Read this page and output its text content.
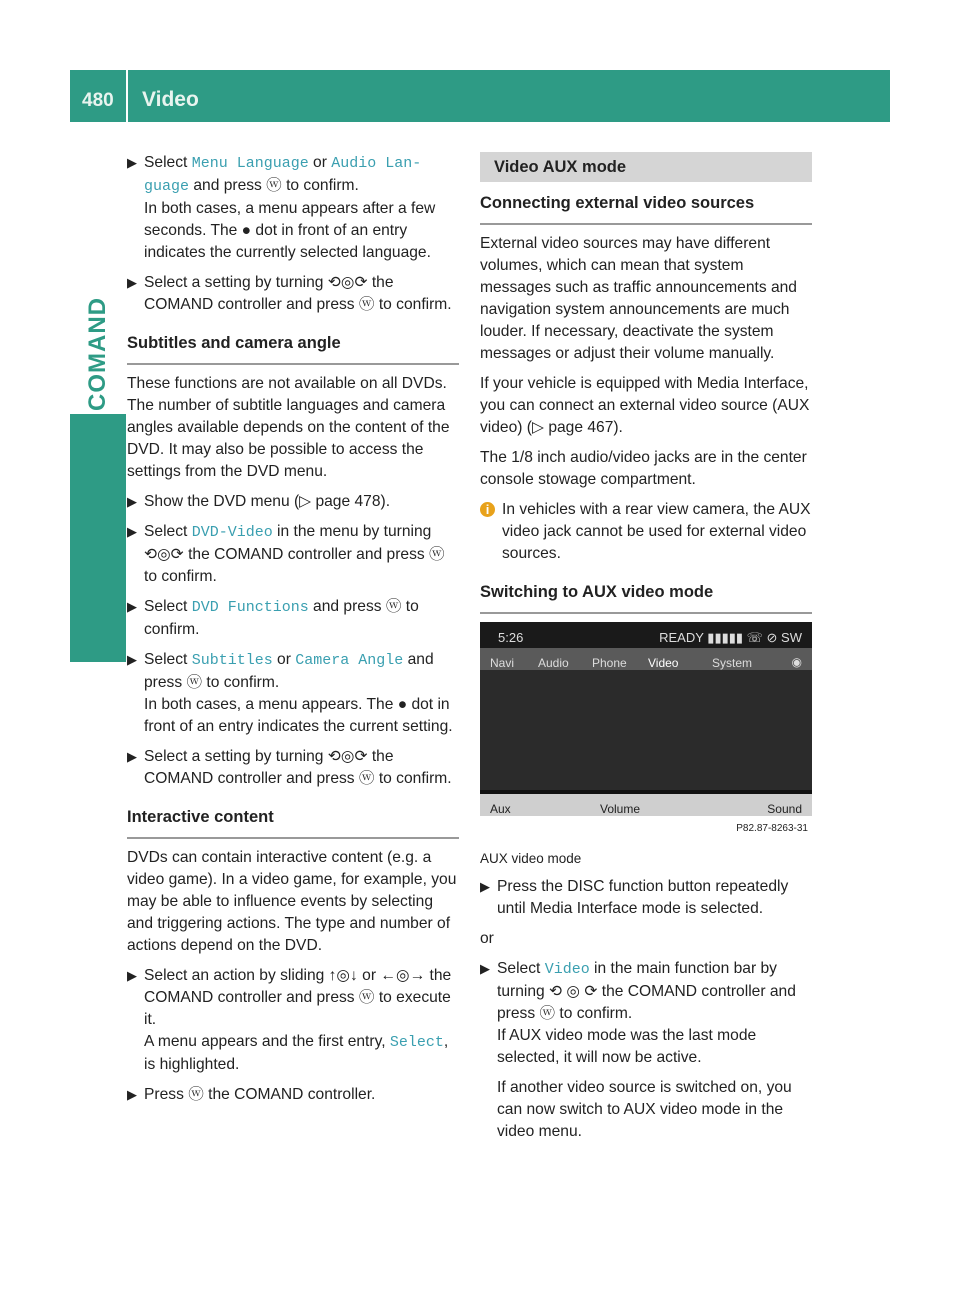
480 Video
COMAND
▶ Select Menu Language or Audio Lan‐
guage and press ⓦ to confirm.
In both cases, a menu appears after a few seconds. The ● dot in front of an entry indicates the currently selected language.
▶ Select a setting by turning ⟲◎⟳ the COMAND controller and press ⓦ to confirm.
Subtitles and camera angle

These functions are not available on all DVDs. The number of subtitle languages and camera angles available depends on the content of the DVD. It may also be possible to access the settings from the DVD menu.

▶ Show the DVD menu (▷ page 478).
▶ Select DVD-Video in the menu by turning ⟲◎⟳ the COMAND controller and press ⓦ to confirm.
▶ Select DVD Functions and press ⓦ to confirm.
▶ Select Subtitles or Camera Angle and press ⓦ to confirm.
In both cases, a menu appears. The ● dot in front of an entry indicates the current setting.
▶ Select a setting by turning ⟲◎⟳ the COMAND controller and press ⓦ to confirm.
Interactive content

DVDs can contain interactive content (e.g. a video game). In a video game, for example, you may be able to influence events by selecting and triggering actions. The type and number of actions depend on the DVD.

▶ Select an action by sliding ↑◎↓ or ←◎→ the COMAND controller and press ⓦ to execute it.
A menu appears and the first entry, Select, is highlighted.
▶ Press ⓦ the COMAND controller.
Video AUX mode
Connecting external video sources

External video sources may have different volumes, which can mean that system messages such as traffic announcements and navigation system announcements are much louder. If necessary, deactivate the system messages or adjust their volume manually.

If your vehicle is equipped with Media Interface, you can connect an external video source (AUX video) (▷ page 467).

The 1/8 inch audio/video jacks are in the center console stowage compartment.

i In vehicles with a rear view camera, the AUX video jack cannot be used for external video sources.
Switching to AUX video mode
5:26	READY ▮▮▮▮▮ ☏ ⊘ SW
Navi Audio Phone Video	System	◉
Aux	Volume	Sound
P82.87-8263-31
AUX video mode
▶ Press the DISC function button repeatedly until Media Interface mode is selected.

or

▶ Select Video in the main function bar by turning ⟲ ◎ ⟳ the COMAND controller and press ⓦ to confirm.
If AUX video mode was the last mode selected, it will now be active.
If another video source is switched on, you can now switch to AUX video mode in the video menu.
